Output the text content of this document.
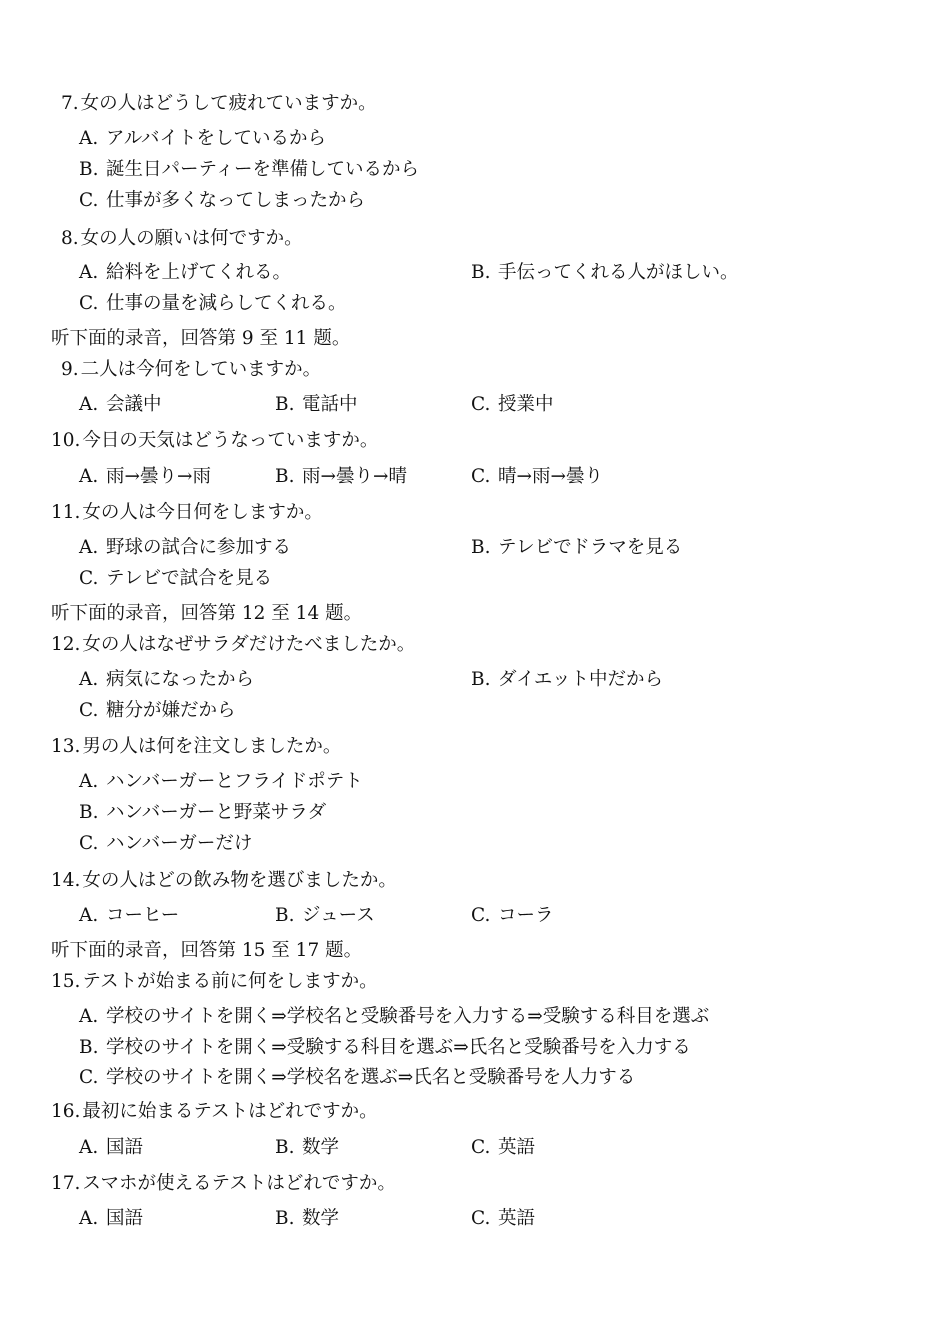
7. 女の人はどうして疲れていますか。
A. アルバイトをしているから
B. 誕生日パーティーを準備しているから
C. 仕事が多くなってしまったから
8. 女の人の願いは何ですか。
A. 給料を上げてくれる。	B. 手伝ってくれる人がほしい。
C. 仕事の量を減らしてくれる。
听下面的录音，回答第 9 至 11 题。
9. 二人は今何をしていますか。
A. 会議中	B. 電話中	C. 授業中
10. 今日の天気はどうなっていますか。
A. 雨→曇り→雨	B. 雨→曇り→晴	C. 晴→雨→曇り
11. 女の人は今日何をしますか。
A. 野球の試合に参加する	B. テレビでドラマを見る
C. テレビで試合を見る
听下面的录音，回答第 12 至 14 题。
12. 女の人はなぜサラダだけたべましたか。
A. 病気になったから	B. ダイエット中だから
C. 糖分が嫌だから
13. 男の人は何を注文しましたか。
A. ハンバーガーとフライドポテト
B. ハンバーガーと野菜サラダ
C. ハンバーガーだけ
14. 女の人はどの飲み物を選びましたか。
A. コーヒー	B. ジュース	C. コーラ
听下面的录音，回答第 15 至 17 题。
15. テストが始まる前に何をしますか。
A. 学校のサイトを開く⇒学校名と受験番号を入力する⇒受験する科目を選ぶ
B. 学校のサイトを開く⇒受験する科目を選ぶ⇒氏名と受験番号を入力する
C. 学校のサイトを開く⇒学校名を選ぶ⇒氏名と受験番号を人力する
16. 最初に始まるテストはどれですか。
A. 国語	B. 数学	C. 英語
17. スマホが使えるテストはどれですか。
A. 国語	B. 数学	C. 英語
